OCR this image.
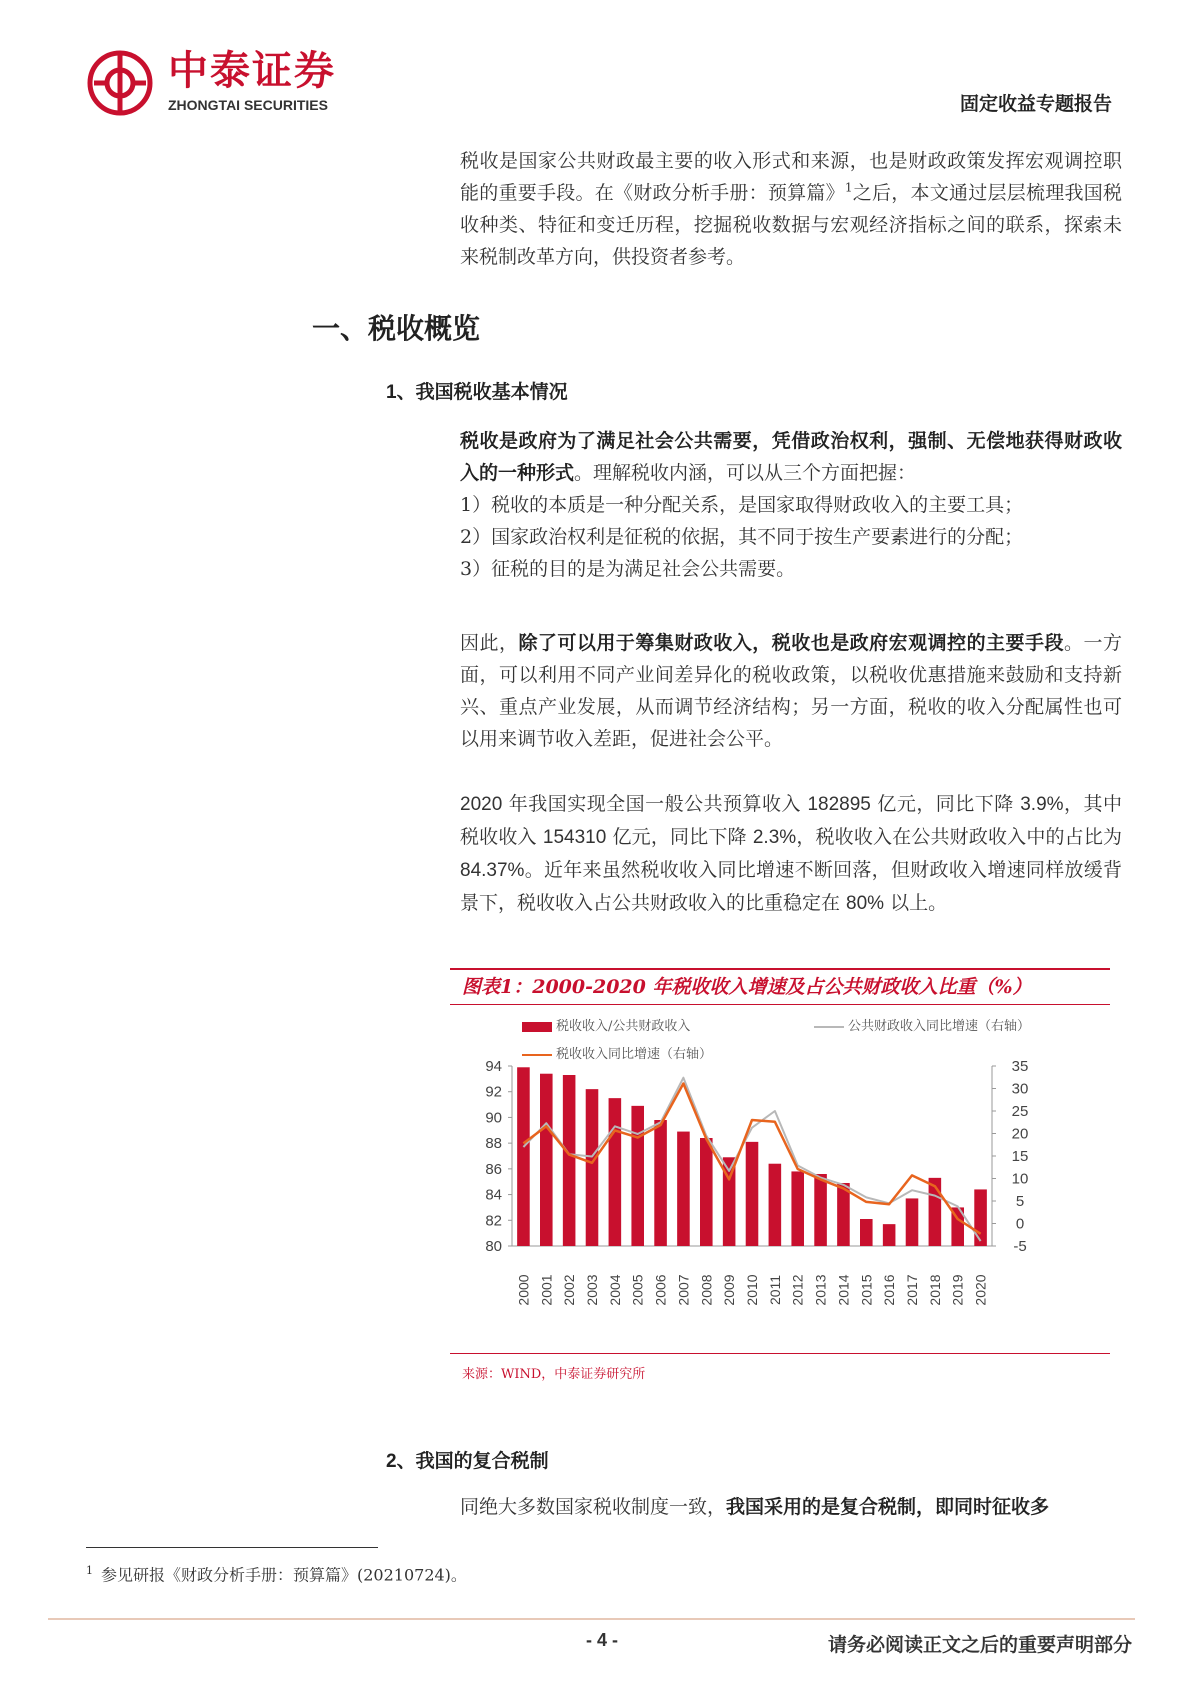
中泰证券
ZHONGTAI SECURITIES	固定收益专题报告

税收是国家公共财政最主要的收入形式和来源，也是财政政策发挥宏观调控职能的重要手段。在《财政分析手册：预算篇》$^1$之后，本文通过层层梳理我国税收种类、特征和变迁历程，挖掘税收数据与宏观经济指标之间的联系，探索未来税制改革方向，供投资者参考。

一、税收概览
1、我国税收基本情况

税收是政府为了满足社会公共需要，凭借政治权利，强制、无偿地获得财政收入的一种形式。理解税收内涵，可以从三个方面把握：
1）税收的本质是一种分配关系，是国家取得财政收入的主要工具；
2）国家政治权利是征税的依据，其不同于按生产要素进行的分配；
3）征税的目的是为满足社会公共需要。

因此，除了可以用于筹集财政收入，税收也是政府宏观调控的主要手段。一方面，可以利用不同产业间差异化的税收政策，以税收优惠措施来鼓励和支持新兴、重点产业发展，从而调节经济结构；另一方面，税收的收入分配属性也可以用来调节收入差距，促进社会公平。

2020 年我国实现全国一般公共预算收入 182895 亿元，同比下降 3.9%，其中税收收入 154310 亿元，同比下降 2.3%，税收收入在公共财政收入中的占比为 84.37%。近年来虽然税收收入同比增速不断回落，但财政收入增速同样放缓背景下，税收收入占公共财政收入的比重稳定在 80% 以上。

图表1：2000-2020 年税收收入增速及占公共财政收入比重（%）
税收收入/公共财政收入	公共财政收入同比增速（右轴）
税收收入同比增速（右轴）
80
82
84
86
88
90
92
94
-5
0
5
10
15
20
25
30
35
2000 2001 2002 2003 2004 2005 2006 2007 2008 2009 2010 2011 2012 2013 2014 2015 2016 2017 2018 2019 2020
来源：WIND，中泰证券研究所
2、我国的复合税制

同绝大多数国家税收制度一致，我国采用的是复合税制，即同时征收多

$^1$ 参见研报《财政分析手册：预算篇》(20210724)。
- 4 -	请务必阅读正文之后的重要声明部分
